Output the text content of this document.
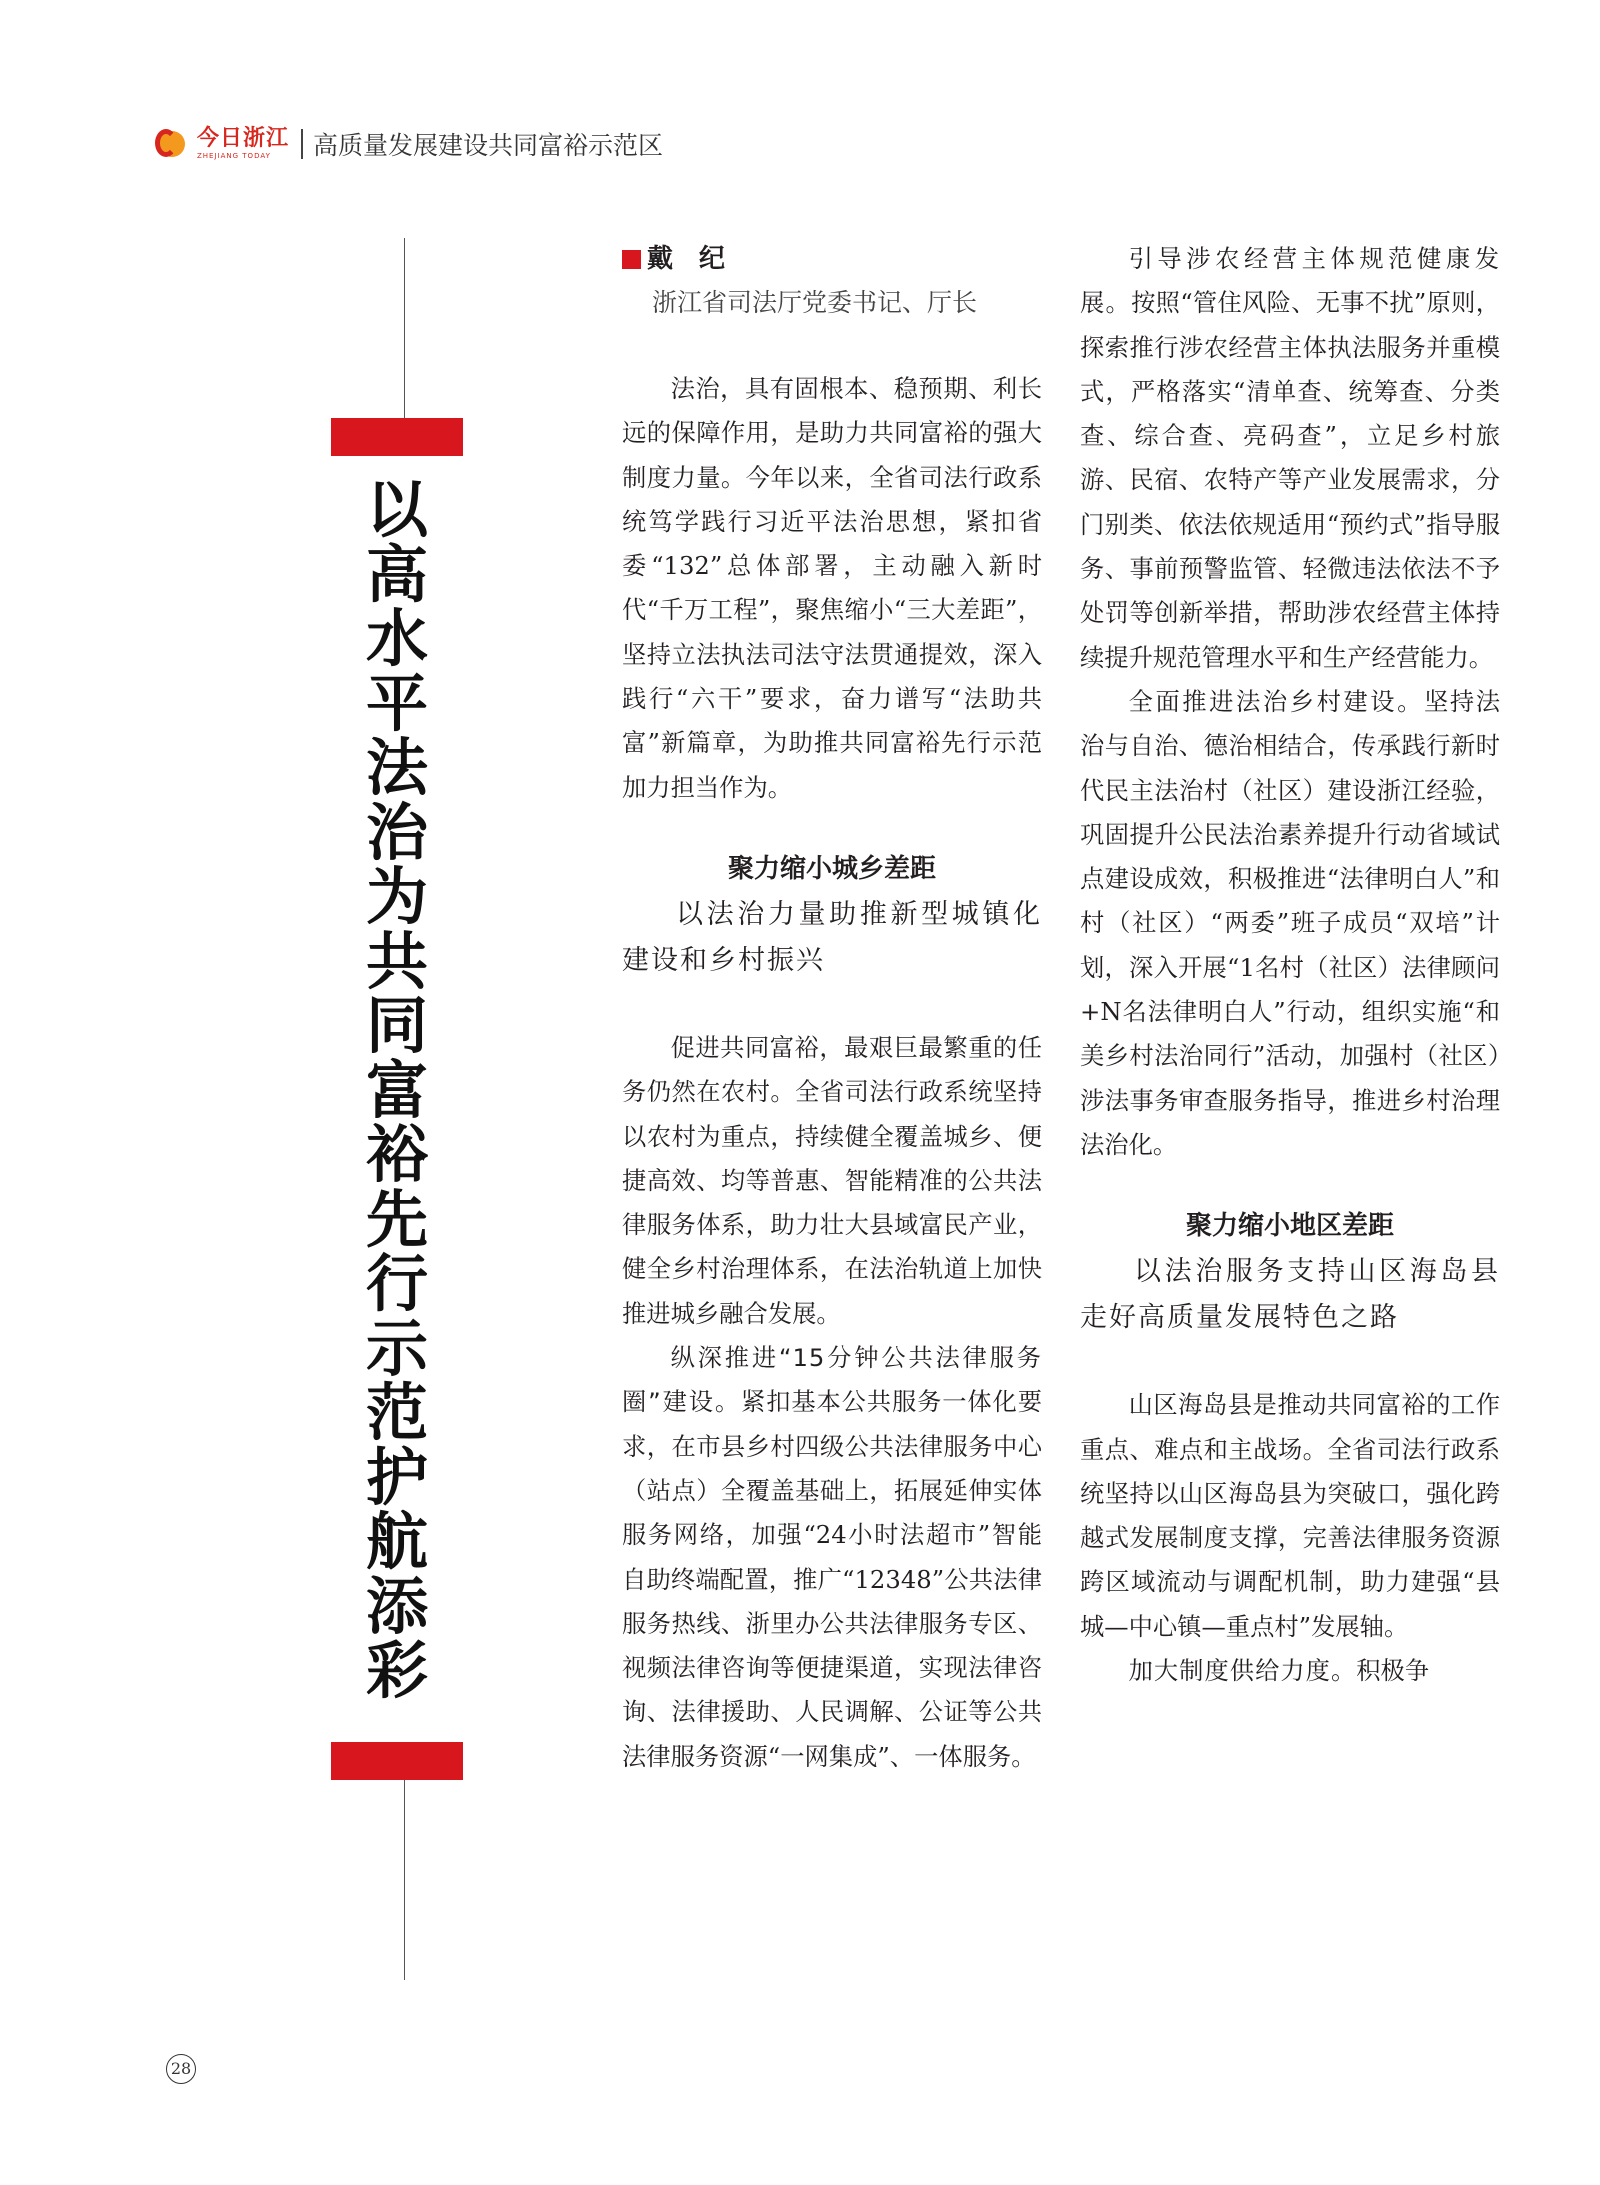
今日浙江
ZHEJIANG TODAY	高质量发展建设共同富裕示范区
以高水平法治为共同富裕先行示范护航添彩
戴　纪
浙江省司法厅党委书记、厅长

法治，具有固根本、稳预期、利长远的保障作用，是助力共同富裕的强大制度力量。今年以来，全省司法行政系统笃学践行习近平法治思想，紧扣省委“132”总体部署，主动融入新时代“千万工程”，聚焦缩小“三大差距”，坚持立法执法司法守法贯通提效，深入践行“六干”要求，奋力谱写“法助共富”新篇章，为助推共同富裕先行示范加力担当作为。

聚力缩小城乡差距

以法治力量助推新型城镇化建设和乡村振兴

促进共同富裕，最艰巨最繁重的任务仍然在农村。全省司法行政系统坚持以农村为重点，持续健全覆盖城乡、便捷高效、均等普惠、智能精准的公共法律服务体系，助力壮大县域富民产业，健全乡村治理体系，在法治轨道上加快推进城乡融合发展。

纵深推进“15分钟公共法律服务圈”建设。紧扣基本公共服务一体化要求，在市县乡村四级公共法律服务中心（站点）全覆盖基础上，拓展延伸实体服务网络，加强“24小时法超市”智能自助终端配置，推广“12348”公共法律服务热线、浙里办公共法律服务专区、视频法律咨询等便捷渠道，实现法律咨询、法律援助、人民调解、公证等公共法律服务资源“一网集成”、一体服务。

引导涉农经营主体规范健康发展。按照“管住风险、无事不扰”原则，探索推行涉农经营主体执法服务并重模式，严格落实“清单查、统筹查、分类查、综合查、亮码查”，立足乡村旅游、民宿、农特产等产业发展需求，分门别类、依法依规适用“预约式”指导服务、事前预警监管、轻微违法依法不予处罚等创新举措，帮助涉农经营主体持续提升规范管理水平和生产经营能力。

全面推进法治乡村建设。坚持法治与自治、德治相结合，传承践行新时代民主法治村（社区）建设浙江经验，巩固提升公民法治素养提升行动省域试点建设成效，积极推进“法律明白人”和村（社区）“两委”班子成员“双培”计划，深入开展“1名村（社区）法律顾问+N名法律明白人”行动，组织实施“和美乡村法治同行”活动，加强村（社区）涉法事务审查服务指导，推进乡村治理法治化。

聚力缩小地区差距

以法治服务支持山区海岛县走好高质量发展特色之路

山区海岛县是推动共同富裕的工作重点、难点和主战场。全省司法行政系统坚持以山区海岛县为突破口，强化跨越式发展制度支撑，完善法律服务资源跨区域流动与调配机制，助力建强“县城—中心镇—重点村”发展轴。

加大制度供给力度。积极争

28
